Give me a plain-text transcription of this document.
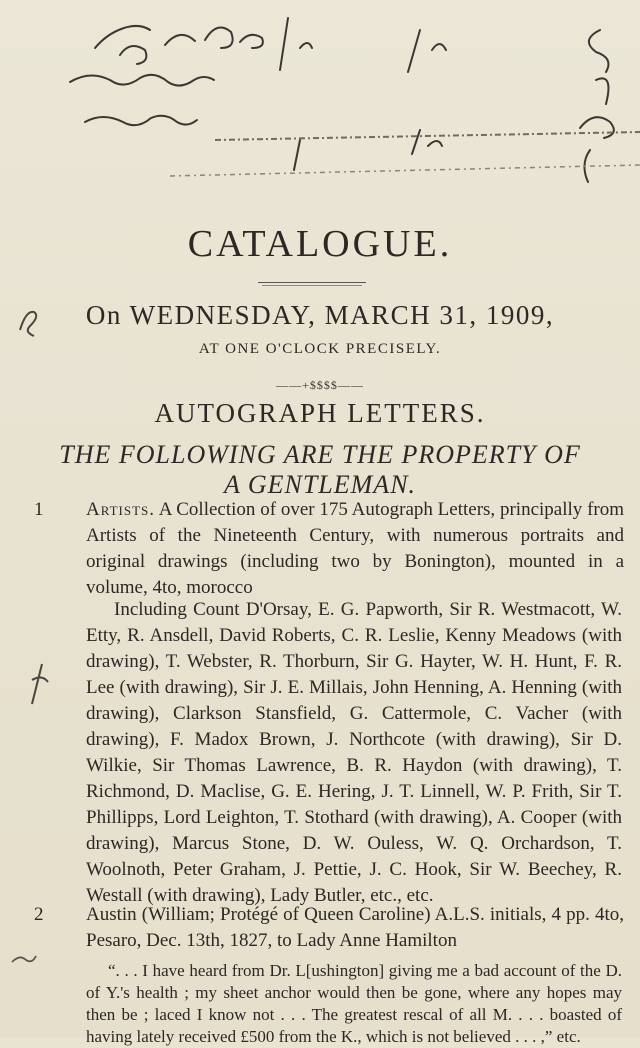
CATALOGUE.
On WEDNESDAY, MARCH 31, 1909,
AT ONE O'CLOCK PRECISELY.
——+$$$$——
AUTOGRAPH LETTERS.
THE FOLLOWING ARE THE PROPERTY OF
A GENTLEMAN.
1	Artists. A Collection of over 175 Autograph Letters, principally from Artists of the Nineteenth Century, with numerous portraits and original drawings (including two by Bonington), mounted in a volume, 4to, morocco

Including Count D'Orsay, E. G. Papworth, Sir R. Westmacott, W. Etty, R. Ansdell, David Roberts, C. R. Leslie, Kenny Meadows (with drawing), T. Webster, R. Thorburn, Sir G. Hayter, W. H. Hunt, F. R. Lee (with drawing), Sir J. E. Millais, John Henning, A. Henning (with drawing), Clarkson Stansfield, G. Cattermole, C. Vacher (with drawing), F. Madox Brown, J. Northcote (with drawing), Sir D. Wilkie, Sir Thomas Lawrence, B. R. Haydon (with drawing), T. Richmond, D. Maclise, G. E. Hering, J. T. Linnell, W. P. Frith, Sir T. Phillipps, Lord Leighton, T. Stothard (with drawing), A. Cooper (with drawing), Marcus Stone, D. W. Ouless, W. Q. Orchardson, T. Woolnoth, Peter Graham, J. Pettie, J. C. Hook, Sir W. Beechey, R. Westall (with drawing), Lady Butler, etc., etc.
2	Austin (William; Protégé of Queen Caroline) A.L.S. initials, 4 pp. 4to, Pesaro, Dec. 13th, 1827, to Lady Anne Hamilton

“. . . I have heard from Dr. L[ushington] giving me a bad account of the D. of Y.'s health ; my sheet anchor would then be gone, where any hopes may then be ; laced I know not . . . The greatest rescal of all M. . . . boasted of having lately received £500 from the K., which is not believed . . . ,” etc.
